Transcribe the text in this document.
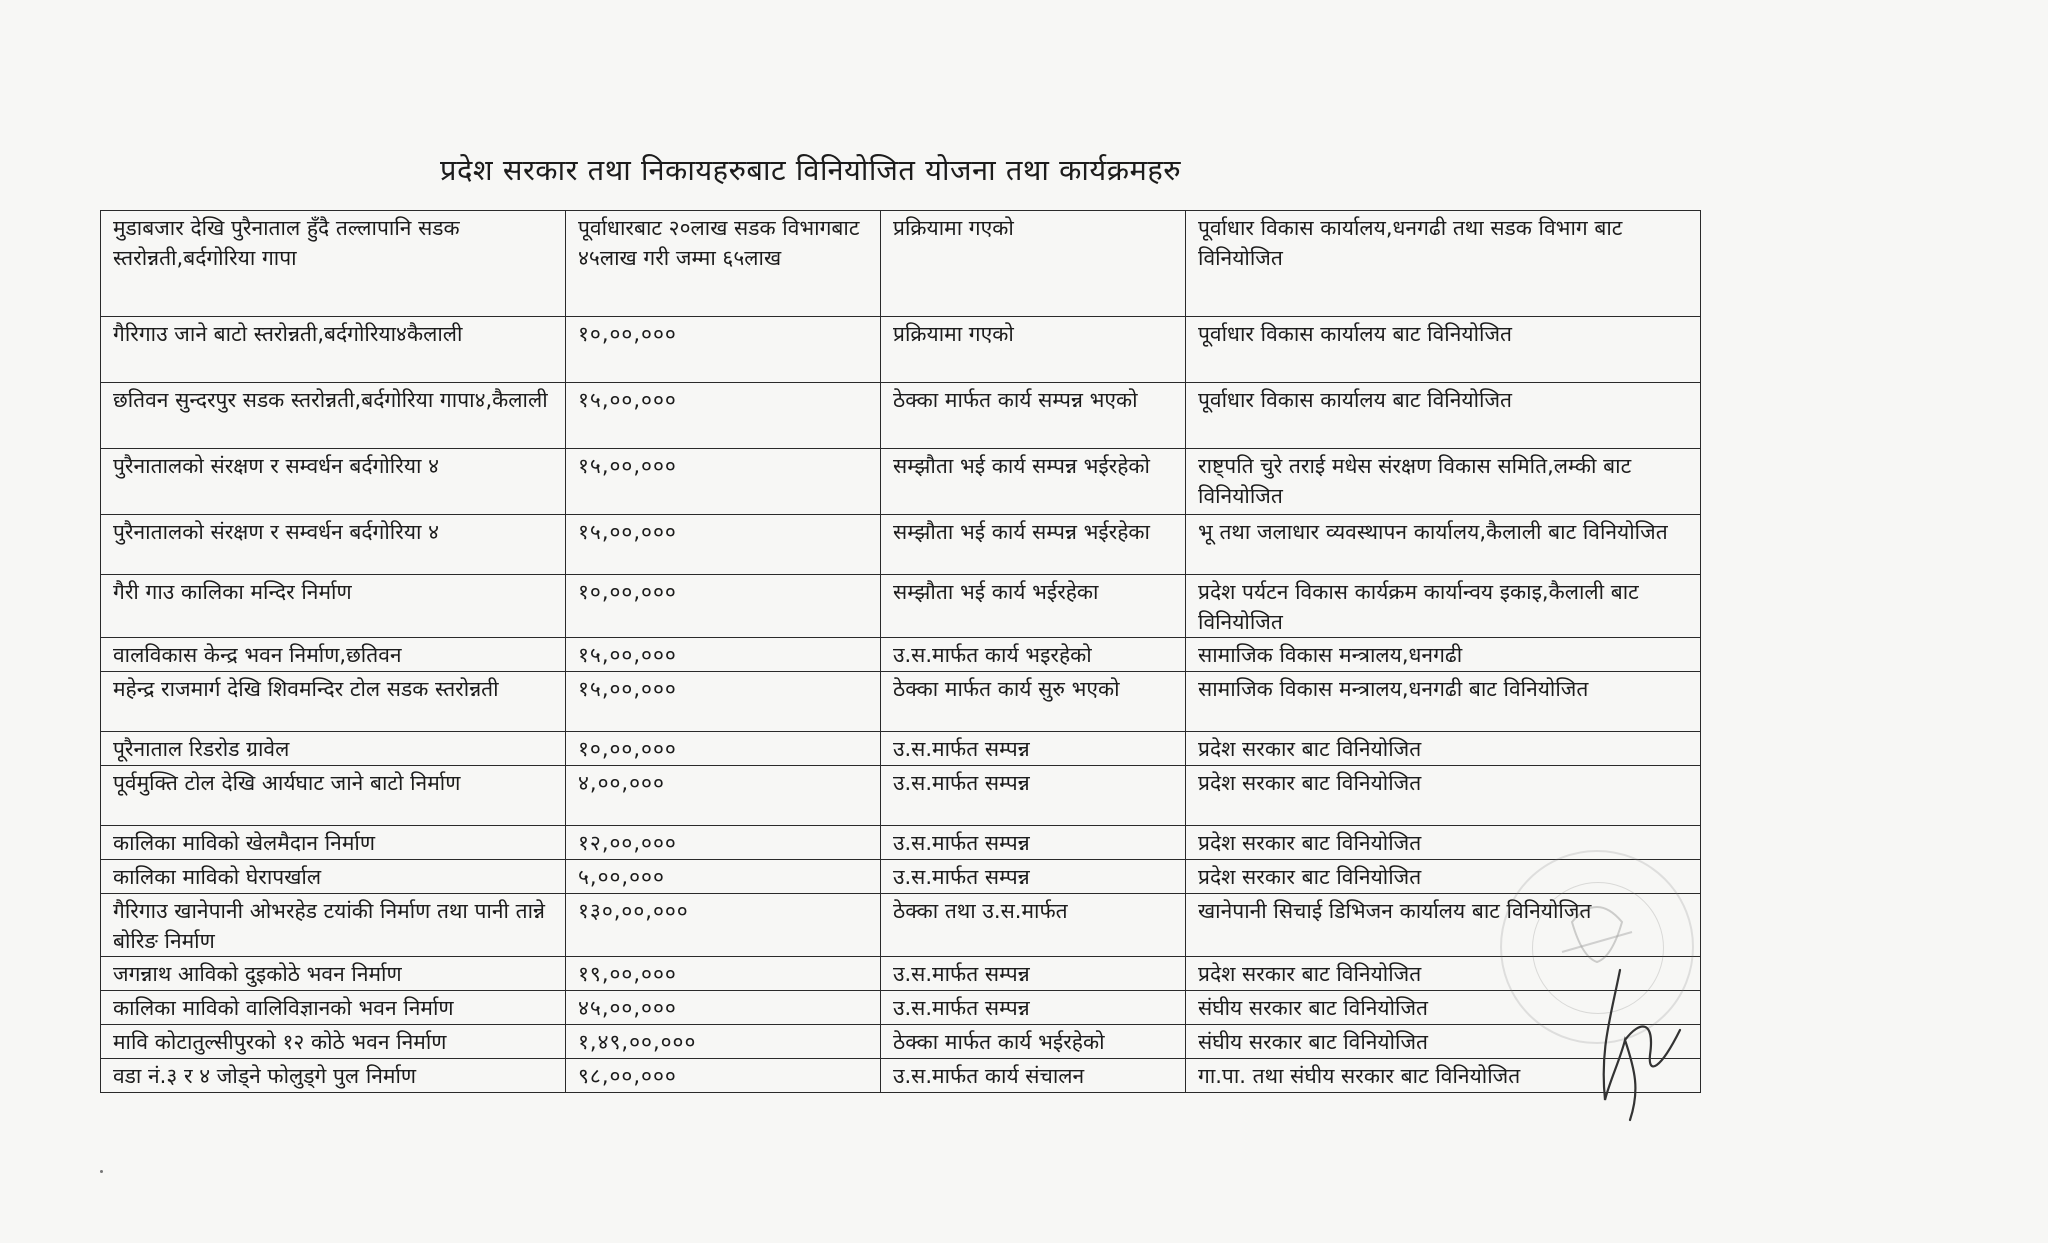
प्रदेश सरकार तथा निकायहरुबाट विनियोजित योजना तथा कार्यक्रमहरु
मुडाबजार देखि पुरैनाताल हुँदै तल्लापानि सडक स्तरोन्नती,बर्दगोरिया गापा	पूर्वाधारबाट २०लाख सडक विभागबाट ४५लाख गरी जम्मा ६५लाख	प्रक्रियामा गएको	पूर्वाधार विकास कार्यालय,धनगढी तथा सडक विभाग बाट विनियोजित
गैरिगाउ जाने बाटो स्तरोन्नती,बर्दगोरिया४कैलाली	१०,००,०००	प्रक्रियामा गएको	पूर्वाधार विकास कार्यालय बाट विनियोजित
छतिवन सुन्दरपुर सडक स्तरोन्नती,बर्दगोरिया गापा४,कैलाली	१५,००,०००	ठेक्का मार्फत कार्य सम्पन्न भएको	पूर्वाधार विकास कार्यालय बाट विनियोजित
पुरैनातालको संरक्षण र सम्वर्धन बर्दगोरिया ४	१५,००,०००	सम्झौता भई कार्य सम्पन्न भईरहेको	राष्ट्पति चुरे तराई मधेस संरक्षण विकास समिति,लम्की बाट विनियोजित
पुरैनातालको संरक्षण र सम्वर्धन बर्दगोरिया ४	१५,००,०००	सम्झौता भई कार्य सम्पन्न भईरहेका	भू तथा जलाधार व्यवस्थापन कार्यालय,कैलाली बाट विनियोजित
गैरी गाउ कालिका मन्दिर निर्माण	१०,००,०००	सम्झौता भई कार्य भईरहेका	प्रदेश पर्यटन विकास कार्यक्रम कार्यान्वय इकाइ,कैलाली बाट विनियोजित
वालविकास केन्द्र भवन निर्माण,छतिवन	१५,००,०००	उ.स.मार्फत कार्य भइरहेको	सामाजिक विकास मन्त्रालय,धनगढी
महेन्द्र राजमार्ग देखि शिवमन्दिर टोल सडक स्तरोन्नती	१५,००,०००	ठेक्का मार्फत कार्य सुरु भएको	सामाजिक विकास मन्त्रालय,धनगढी बाट विनियोजित
पूरैनाताल रिडरोड ग्रावेल	१०,००,०००	उ.स.मार्फत सम्पन्न	प्रदेश सरकार बाट विनियोजित
पूर्वमुक्ति टोल देखि आर्यघाट जाने बाटो निर्माण	४,००,०००	उ.स.मार्फत सम्पन्न	प्रदेश सरकार बाट विनियोजित
कालिका माविको खेलमैदान निर्माण	१२,००,०००	उ.स.मार्फत सम्पन्न	प्रदेश सरकार बाट विनियोजित
कालिका माविको घेरापर्खाल	५,००,०००	उ.स.मार्फत सम्पन्न	प्रदेश सरकार बाट विनियोजित
गैरिगाउ खानेपानी ओभरहेड टयांकी निर्माण तथा पानी तान्ने बोरिङ निर्माण	१३०,००,०००	ठेक्का तथा उ.स.मार्फत	खानेपानी सिचाई डिभिजन कार्यालय बाट विनियोजित
जगन्नाथ आविको दुइकोठे भवन निर्माण	१९,००,०००	उ.स.मार्फत सम्पन्न	प्रदेश सरकार बाट विनियोजित
कालिका माविको वालिविज्ञानको भवन निर्माण	४५,००,०००	उ.स.मार्फत सम्पन्न	संघीय सरकार बाट विनियोजित
मावि कोटातुल्सीपुरको १२ कोठे भवन निर्माण	१,४९,००,०००	ठेक्का मार्फत कार्य भईरहेको	संघीय सरकार बाट विनियोजित
वडा नं.३ र ४ जोड्ने फोलुड्गे पुल निर्माण	९८,००,०००	उ.स.मार्फत कार्य संचालन	गा.पा. तथा संघीय सरकार बाट विनियोजित
